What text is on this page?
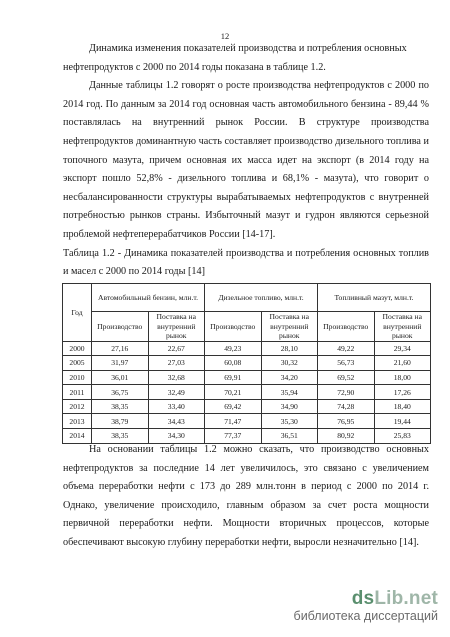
12

Динамика изменения показателей производства и потребления основных

нефтепродуктов с 2000 по 2014 годы показана в таблице 1.2.

Данные таблицы 1.2 говорят о росте производства нефтепродуктов с 2000 по 2014 год. По данным за 2014 год основная часть автомобильного бензина - 89,44 % поставлялась на внутренний рынок России. В структуре производства нефтепродуктов доминантную часть составляет производство дизельного топлива и топочного мазута, причем основная их масса идет на экспорт (в 2014 году на экспорт пошло 52,8% - дизельного топлива и 68,1% - мазута), что говорит о несбалансированности структуры вырабатываемых нефтепродуктов с внутренней потребностью рынков страны. Избыточный мазут и гудрон являются серьезной проблемой нефтеперерабатчиков России [14-17].

Таблица 1.2 - Динамика показателей производства и потребления основных топлив и масел с 2000 по 2014 годы [14]

Год	Автомобильный бензин, млн.т.		Дизельное топливо, млн.т.		Топливный мазут, млн.т.	
	Производство	Поставка на внутренний рынок	Производство	Поставка на внутренний рынок	Производство	Поставка на внутренний рынок
2000	27,16	22,67	49,23	28,10	49,22	29,34
2005	31,97	27,03	60,08	30,32	56,73	21,60
2010	36,01	32,68	69,91	34,20	69,52	18,00
2011	36,75	32,49	70,21	35,94	72,90	17,26
2012	38,35	33,40	69,42	34,90	74,28	18,40
2013	38,79	34,43	71,47	35,30	76,95	19,44
2014	38,35	34,30	77,37	36,51	80,92	25,83

На основании таблицы 1.2 можно сказать, что производство основных нефтепродуктов за последние 14 лет увеличилось, это связано с увеличением объема переработки нефти с 173 до 289 млн.тонн в период с 2000 по 2014 г. Однако, увеличение происходило, главным образом за счет роста мощности первичной переработки нефти. Мощности вторичных процессов, которые обеспечивают высокую глубину переработки нефти, выросли незначительно [14].

dsLib.net
библиотека диссертаций
